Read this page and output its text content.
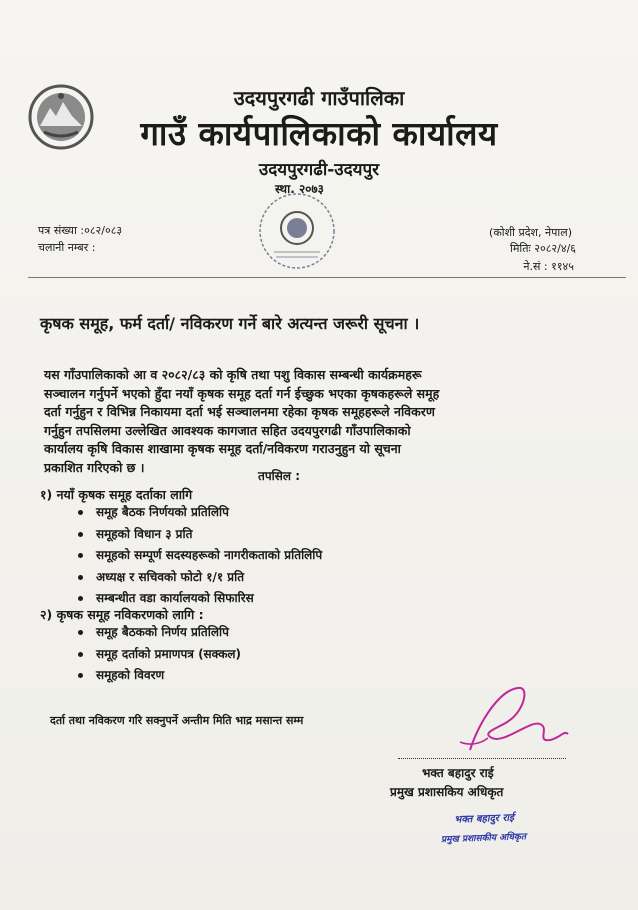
उदयपुरगढी गाउँपालिका
गाउँ कार्यपालिकाको कार्यालय
उदयपुरगढी-उदयपुर
स्था. २०७३
पत्र संख्या :०८२/०८३
चलानी नम्बर :
(कोशी प्रदेश, नेपाल)
मितिः २०८२/४/६
ने.सं : ११४५
कृषक समूह, फर्म दर्ता/ नविकरण गर्ने बारे अत्यन्त जरूरी सूचना ।
यस गाँउपालिकाको आ व २०८२/८३ को कृषि तथा पशु विकास सम्बन्धी कार्यक्रमहरू
सञ्चालन गर्नुपर्ने भएकाे हुँदा नयाँ कृषक समूह दर्ता गर्न ईच्छुक भएका कृषकहरूले समूह
दर्ता गर्नुहुन र विभिन्न निकायमा दर्ता भई सञ्चालनमा रहेका कृषक समूहहरूले नविकरण
गर्नुहुन तपसिलमा उल्लेखित आवश्यक कागजात सहित उदयपुरगढी गाँउपालिकाको
कार्यालय कृषि विकास शाखामा कृषक समूह दर्ता/नविकरण गराउनुहुन यो सूचना
प्रकाशित गरिएको छ ।
तपसिल :
१) नयाँ कृषक समूह दर्ताका लागि
समूह बैठक निर्णयको प्रतिलिपि
समूहको विधान ३ प्रति
समूहको सम्पूर्ण सदस्यहरूको नागरीकताको प्रतिलिपि
अध्यक्ष र सचिवको फोटो १/१ प्रति
सम्बन्धीत वडा कार्यालयको सिफारिस
२) कृषक समूह नविकरणको लागि :
समूह बैठकको निर्णय प्रतिलिपि
समूह दर्ताको प्रमाणपत्र (सक्कल)
समूहको विवरण
दर्ता तथा नविकरण गरि सक्नुपर्ने अन्तीम मिति भाद्र मसान्त सम्म
भक्त बहादुर राई
प्रमुख प्रशासकिय अधिकृत
भक्त बहादुर राई
प्रमुख प्रशासकीय अधिकृत
